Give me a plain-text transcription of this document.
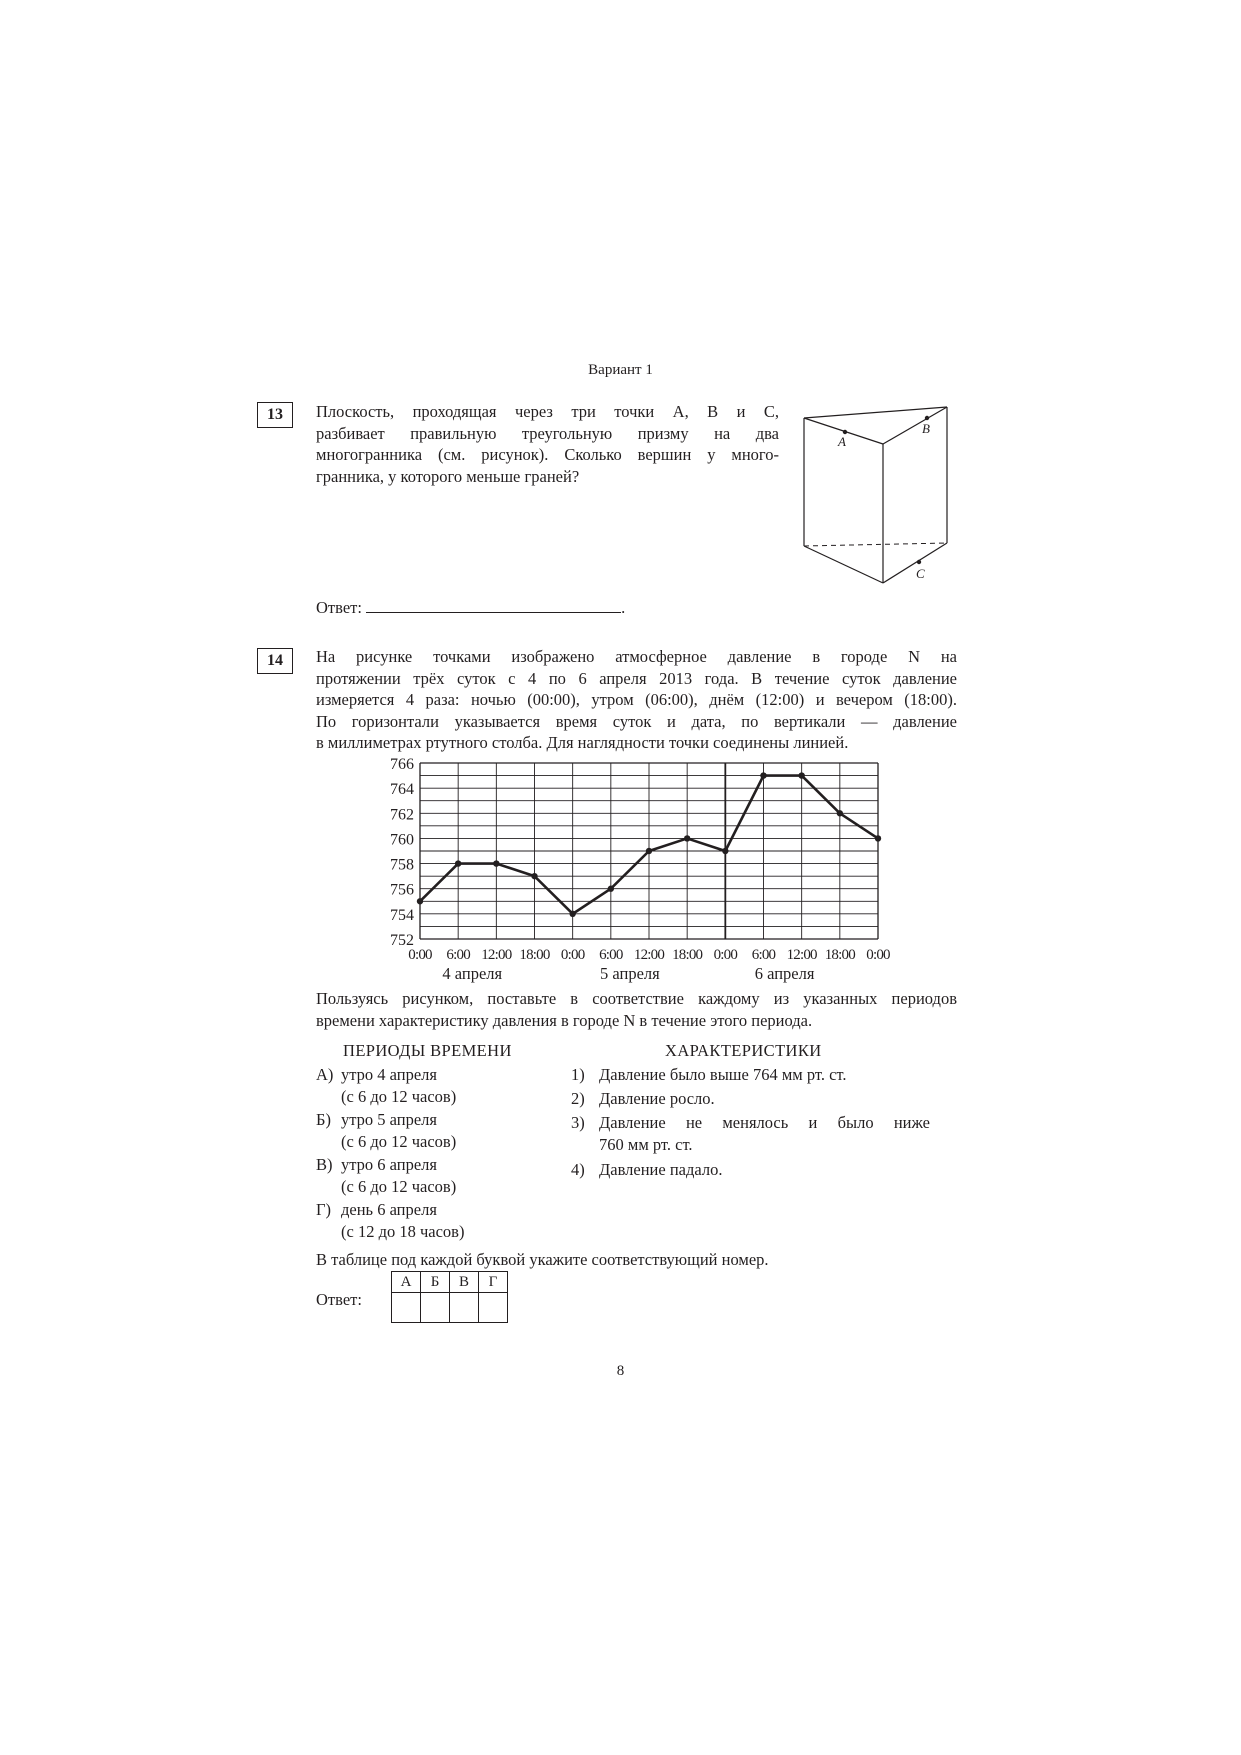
Вариант 1
13	Плоскость, проходящая через три точки A, B и C,

разбивает правильную треугольную призму на два

многогранника (см. рисунок). Сколько вершин у много-

гранника, у которого меньше граней?

A
B
C
Ответ:	.
14	На рисунке точками изображено атмосферное давление в городе N на

протяжении трёх суток с 4 по 6 апреля 2013 года. В течение суток давление

измеряется 4 раза: ночью (00:00), утром (06:00), днём (12:00) и вечером (18:00).

По горизонтали указывается время суток и дата, по вертикали — давление

в миллиметрах ртутного столба. Для наглядности точки соединены линией.

752
754
756
758
760
762
764
766
0:00 6:00 12:00 18:00 0:00 6:00 12:00 18:00 0:00 6:00 12:00 18:00 0:00
4 апреля	5 апреля	6 апреля

Пользуясь рисунком, поставьте в соответствие каждому из указанных периодов

времени характеристику давления в городе N в течение этого периода.

ПЕРИОДЫ ВРЕМЕНИ	ХАРАКТЕРИСТИКИ
А) утро 4 апреля
(с 6 до 12 часов)
Б) утро 5 апреля
(с 6 до 12 часов)
В) утро 6 апреля
(с 6 до 12 часов)
Г) день 6 апреля
(с 12 до 18 часов)
1) Давление было выше 764 мм рт. ст.
2) Давление росло.
3) Давление не менялось и было ниже
760 мм рт. ст.
4) Давление падало.
В таблице под каждой буквой укажите соответствующий номер.
Ответ:
А	Б	В	Г

8
